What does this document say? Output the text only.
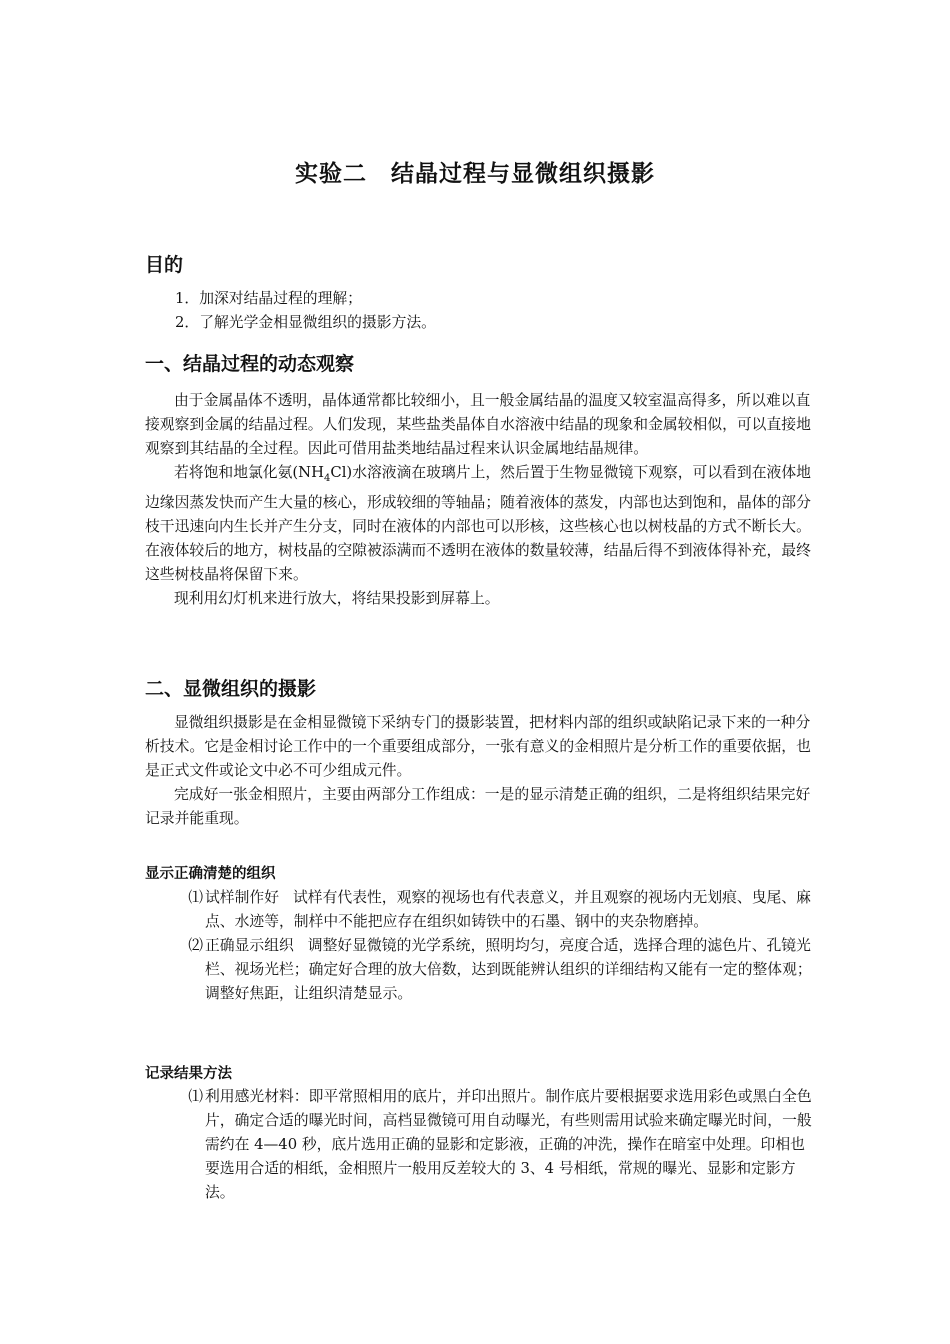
实验二　结晶过程与显微组织摄影
目的

1．加深对结晶过程的理解；

2．了解光学金相显微组织的摄影方法。

一、结晶过程的动态观察

由于金属晶体不透明，晶体通常都比较细小，且一般金属结晶的温度又较室温高得多，所以难以直接观察到金属的结晶过程。人们发现，某些盐类晶体自水溶液中结晶的现象和金属较相似，可以直接地观察到其结晶的全过程。因此可借用盐类地结晶过程来认识金属地结晶规律。

若将饱和地氯化氨$(NH_4Cl)$水溶液滴在玻璃片上，然后置于生物显微镜下观察，可以看到在液体地边缘因蒸发快而产生大量的核心，形成较细的等轴晶；随着液体的蒸发，内部也达到饱和，晶体的部分枝干迅速向内生长并产生分支，同时在液体的内部也可以形核，这些核心也以树枝晶的方式不断长大。在液体较后的地方，树枝晶的空隙被添满而不透明在液体的数量较薄，结晶后得不到液体得补充，最终这些树枝晶将保留下来。

现利用幻灯机来进行放大，将结果投影到屏幕上。

二、显微组织的摄影

显微组织摄影是在金相显微镜下采纳专门的摄影装置，把材料内部的组织或缺陷记录下来的一种分析技术。它是金相讨论工作中的一个重要组成部分，一张有意义的金相照片是分析工作的重要依据，也是正式文件或论文中必不可少组成元件。

完成好一张金相照片，主要由两部分工作组成：一是的显示清楚正确的组织，二是将组织结果完好记录并能重现。

显示正确清楚的组织
⑴ 试样制作好 试样有代表性，观察的视场也有代表意义，并且观察的视场内无划痕、曳尾、麻点、水迹等，制样中不能把应存在组织如铸铁中的石墨、钢中的夹杂物磨掉。
⑵ 正确显示组织 调整好显微镜的光学系统，照明均匀，亮度合适，选择合理的滤色片、孔镜光栏、视场光栏；确定好合理的放大倍数，达到既能辨认组织的详细结构又能有一定的整体观；调整好焦距，让组织清楚显示。
记录结果方法
⑴ 利用感光材料：即平常照相用的底片，并印出照片。制作底片要根据要求选用彩色或黑白全色片，确定合适的曝光时间，高档显微镜可用自动曝光，有些则需用试验来确定曝光时间，一般需约在 4—40 秒，底片选用正确的显影和定影液，正确的冲洗，操作在暗室中处理。印相也要选用合适的相纸，金相照片一般用反差较大的 3、4 号相纸，常规的曝光、显影和定影方法。
